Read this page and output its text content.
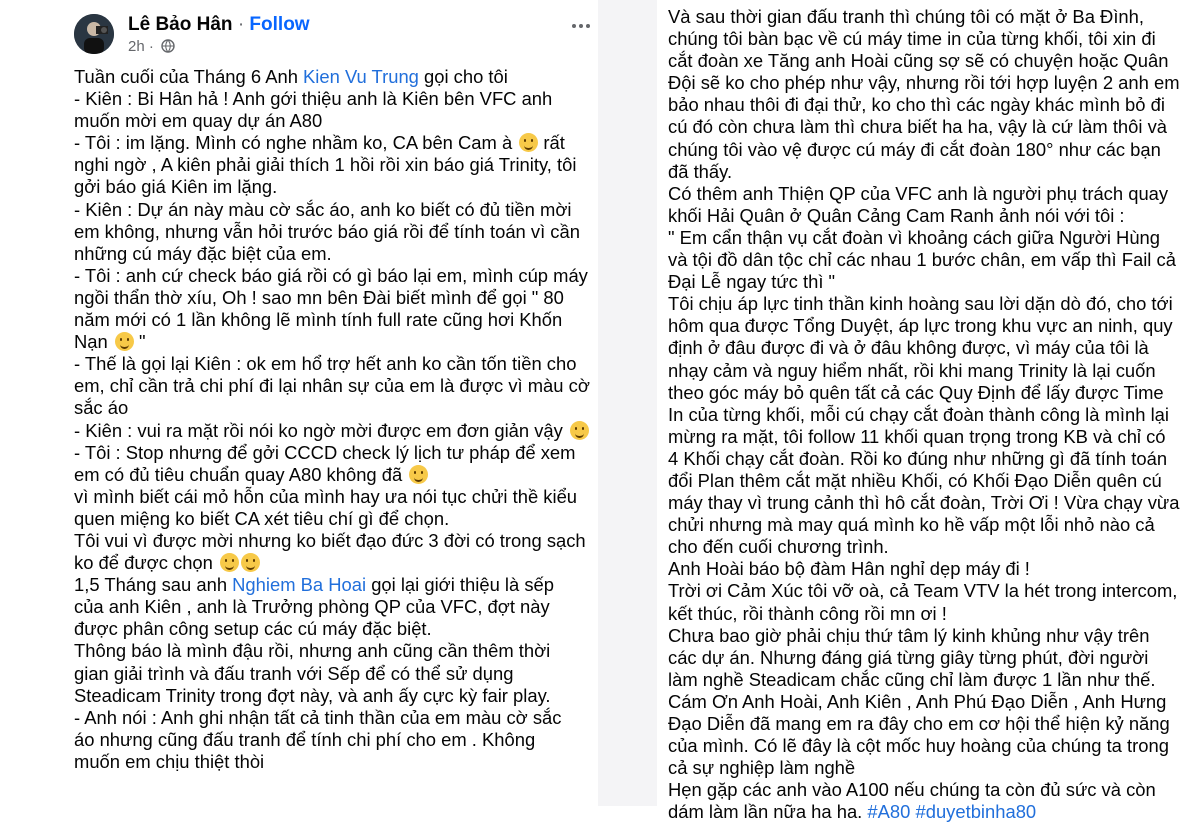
Lê Bảo Hân · Follow
2h ·
Tuần cuối của Tháng 6 Anh Kien Vu Trung gọi cho tôi
- Kiên : Bi Hân hả ! Anh gới thiệu anh là Kiên bên VFC anh
muốn mời em quay dự án A80
- Tôi : im lặng. Mình có nghe nhầm ko, CA bên Cam à  rất
nghi ngờ , A kiên phải giải thích 1 hồi rồi xin báo giá Trinity, tôi
gởi báo giá Kiên im lặng.
- Kiên : Dự án này màu cờ sắc áo, anh ko biết có đủ tiền mời
em không, nhưng vẫn hỏi trước báo giá rồi để tính toán vì cần
những cú máy đặc biệt của em.
- Tôi : anh cứ check báo giá rồi có gì báo lại em, mình cúp máy
ngồi thẩn thờ xíu, Oh ! sao mn bên Đài biết mình để gọi " 80
năm mới có 1 lần không lẽ mình tính full rate cũng hơi Khốn
Nạn  "
- Thế là gọi lại Kiên : ok em hổ trợ hết anh ko cần tốn tiền cho
em, chỉ cần trả chi phí đi lại nhân sự của em là được vì màu cờ
sắc áo
- Kiên : vui ra mặt rồi nói ko ngờ mời được em đơn giản vậy
- Tôi : Stop nhưng để gởi CCCD check lý lịch tư pháp để xem
em có đủ tiêu chuẩn quay A80 không đã
vì mình biết cái mỏ hỗn của mình hay ưa nói tục chửi thề kiểu
quen miệng ko biết CA xét tiêu chí gì để chọn.
Tôi vui vì được mời nhưng ko biết đạo đức 3 đời có trong sạch
ko để được chọn
1,5 Tháng sau anh Nghiem Ba Hoai gọi lại giới thiệu là sếp
của anh Kiên , anh là Trưởng phòng QP của VFC, đợt này
được phân công setup các cú máy đặc biệt.
Thông báo là mình đậu rồi, nhưng anh cũng cần thêm thời
gian giải trình và đấu tranh với Sếp để có thể sử dụng
Steadicam Trinity trong đợt này, và anh ấy cực kỳ fair play.
- Anh nói : Anh ghi nhận tất cả tinh thần của em màu cờ sắc
áo nhưng cũng đấu tranh để tính chi phí cho em . Không
muốn em chịu thiệt thòi
Và sau thời gian đấu tranh thì chúng tôi có mặt ở Ba Đình,
chúng tôi bàn bạc về cú máy time in của từng khối, tôi xin đi
cắt đoàn xe Tăng anh Hoài cũng sợ sẽ có chuyện hoặc Quân
Đội sẽ ko cho phép như vậy, nhưng rồi tới hợp luyện 2 anh em
bảo nhau thôi đi đại thử, ko cho thì các ngày khác mình bỏ đi
cú đó còn chưa làm thì chưa biết ha ha, vậy là cứ làm thôi và
chúng tôi vào vệ được cú máy đi cắt đoàn 180° như các bạn
đã thấy.
Có thêm anh Thiện QP của VFC anh là người phụ trách quay
khối Hải Quân ở Quân Cảng Cam Ranh ảnh nói với tôi :
" Em cẩn thận vụ cắt đoàn vì khoảng cách giữa Người Hùng
và tội đồ dân tộc chỉ các nhau 1 bước chân, em vấp thì Fail cả
Đại Lễ ngay tức thì "
Tôi chịu áp lực tinh thần kinh hoàng sau lời dặn dò đó, cho tới
hôm qua được Tổng Duyệt, áp lực trong khu vực an ninh, quy
định ở đâu được đi và ở đâu không được, vì máy của tôi là
nhạy cảm và nguy hiểm nhất, rồi khi mang Trinity là lại cuốn
theo góc máy bỏ quên tất cả các Quy Định để lấy được Time
In của từng khối, mỗi cú chạy cắt đoàn thành công là mình lại
mừng ra mặt, tôi follow 11 khối quan trọng trong KB và chỉ có
4 Khối chạy cắt đoàn. Rồi ko đúng như những gì đã tính toán
đổi Plan thêm cắt mặt nhiều Khối, có Khối Đạo Diễn quên cú
máy thay vì trung cảnh thì hô cắt đoàn, Trời Ơi ! Vừa chạy vừa
chửi nhưng mà may quá mình ko hề vấp một lỗi nhỏ nào cả
cho đến cuối chương trình.
Anh Hoài báo bộ đàm Hân nghỉ dẹp máy đi !
Trời ơi Cảm Xúc tôi vỡ oà, cả Team VTV la hét trong intercom,
kết thúc, rồi thành công rồi mn ơi !
Chưa bao giờ phải chịu thứ tâm lý kinh khủng như vậy trên
các dự án. Nhưng đáng giá từng giây từng phút, đời người
làm nghề Steadicam chắc cũng chỉ làm được 1 lần như thế.
Cám Ơn Anh Hoài, Anh Kiên , Anh Phú Đạo Diễn , Anh Hưng
Đạo Diễn đã mang em ra đây cho em cơ hội thể hiện kỷ năng
của mình. Có lẽ đây là cột mốc huy hoàng của chúng ta trong
cả sự nghiệp làm nghề
Hẹn gặp các anh vào A100 nếu chúng ta còn đủ sức và còn
dám làm lần nữa ha ha. #A80 #duyetbinha80
